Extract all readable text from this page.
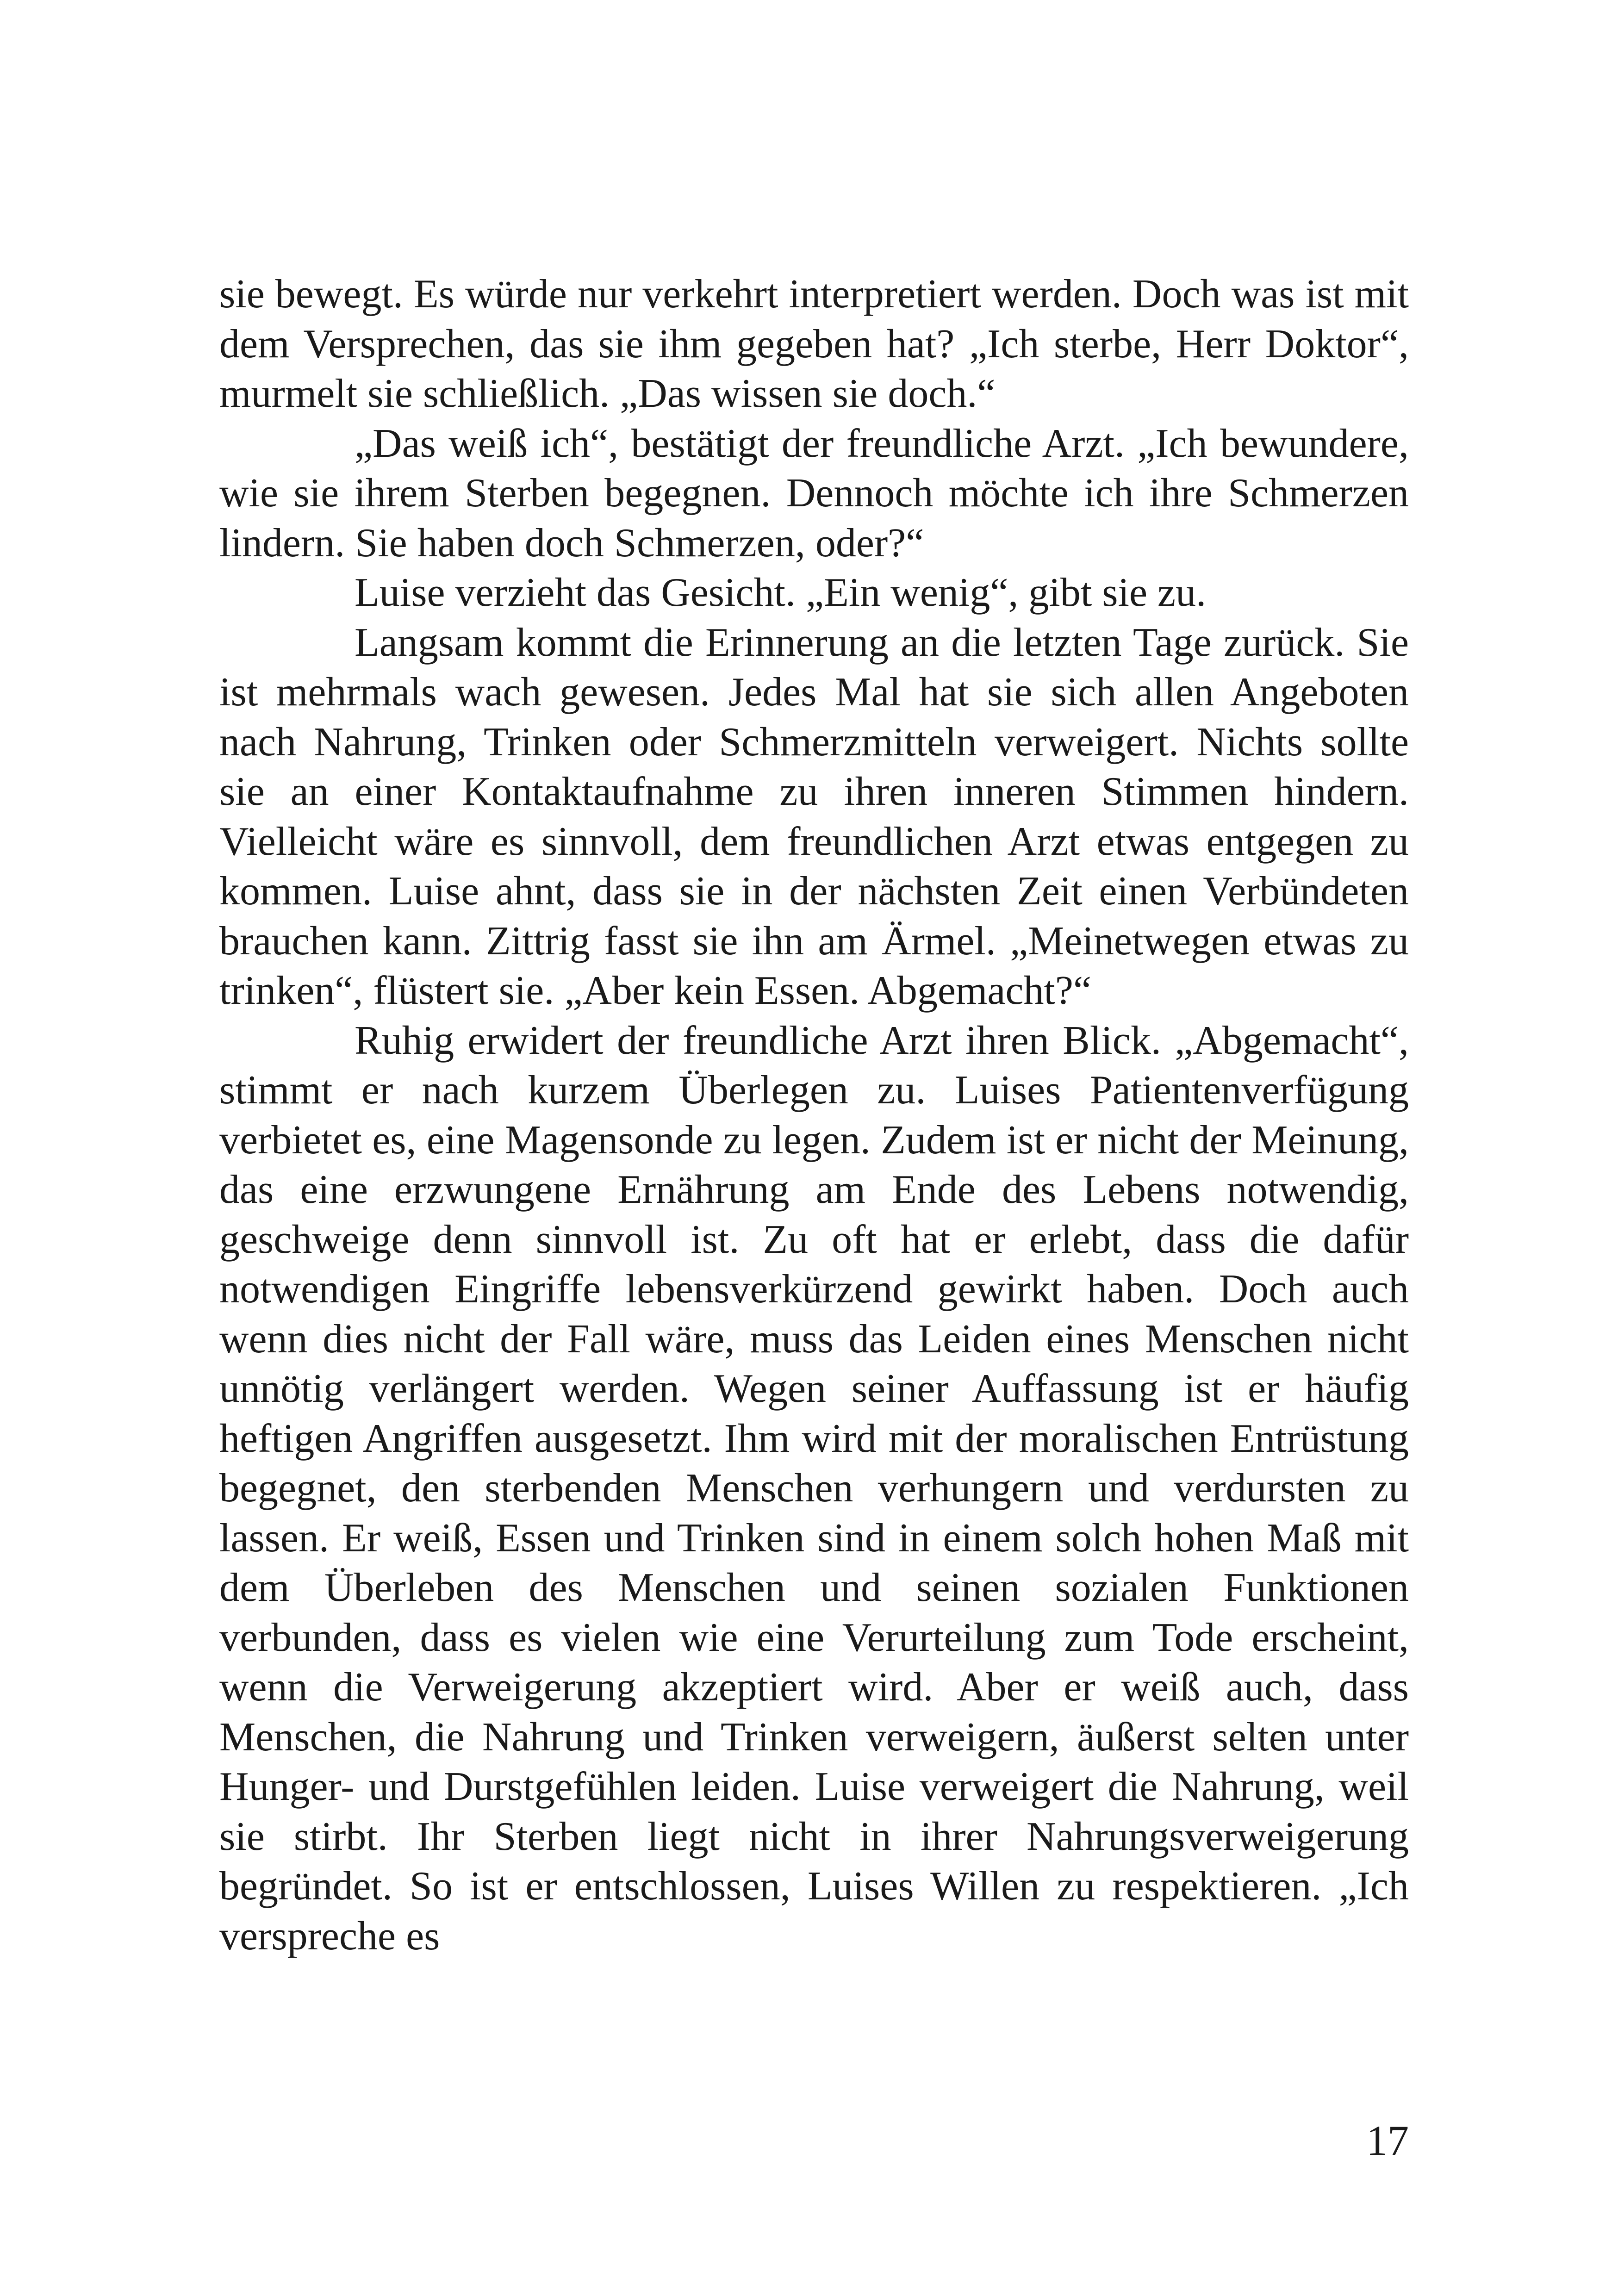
sie bewegt. Es würde nur verkehrt interpretiert werden. Doch was ist mit dem Versprechen, das sie ihm gegeben hat? „Ich sterbe, Herr Doktor“, murmelt sie schließlich. „Das wissen sie doch.“

„Das weiß ich“, bestätigt der freundliche Arzt. „Ich bewundere, wie sie ihrem Sterben begegnen. Dennoch möchte ich ihre Schmerzen lindern. Sie haben doch Schmerzen, oder?“

Luise verzieht das Gesicht. „Ein wenig“, gibt sie zu.

Langsam kommt die Erinnerung an die letzten Tage zurück. Sie ist mehrmals wach gewesen. Jedes Mal hat sie sich allen Angeboten nach Nahrung, Trinken oder Schmerzmitteln verweigert. Nichts sollte sie an einer Kontaktaufnahme zu ihren inneren Stimmen hindern. Vielleicht wäre es sinnvoll, dem freundlichen Arzt etwas entgegen zu kommen. Luise ahnt, dass sie in der nächsten Zeit einen Verbündeten brauchen kann. Zittrig fasst sie ihn am Ärmel. „Meinetwegen etwas zu trinken“, flüstert sie. „Aber kein Essen. Abgemacht?“

Ruhig erwidert der freundliche Arzt ihren Blick. „Abgemacht“, stimmt er nach kurzem Überlegen zu. Luises Patientenverfügung verbietet es, eine Magensonde zu legen. Zudem ist er nicht der Meinung, das eine erzwungene Ernährung am Ende des Lebens notwendig, geschweige denn sinnvoll ist. Zu oft hat er erlebt, dass die dafür notwendigen Eingriffe lebensverkürzend gewirkt haben. Doch auch wenn dies nicht der Fall wäre, muss das Leiden eines Menschen nicht unnötig verlängert werden. Wegen seiner Auffassung ist er häufig heftigen Angriffen ausgesetzt. Ihm wird mit der moralischen Entrüstung begegnet, den sterbenden Menschen verhungern und verdursten zu lassen. Er weiß, Essen und Trinken sind in einem solch hohen Maß mit dem Überleben des Menschen und seinen sozialen Funktionen verbunden, dass es vielen wie eine Verurteilung zum Tode erscheint, wenn die Verweigerung akzeptiert wird. Aber er weiß auch, dass Menschen, die Nahrung und Trinken verweigern, äußerst selten unter Hunger- und Durstgefühlen leiden. Luise verweigert die Nahrung, weil sie stirbt. Ihr Sterben liegt nicht in ihrer Nahrungsverweigerung begründet. So ist er entschlossen, Luises Willen zu respektieren. „Ich verspreche es

17
